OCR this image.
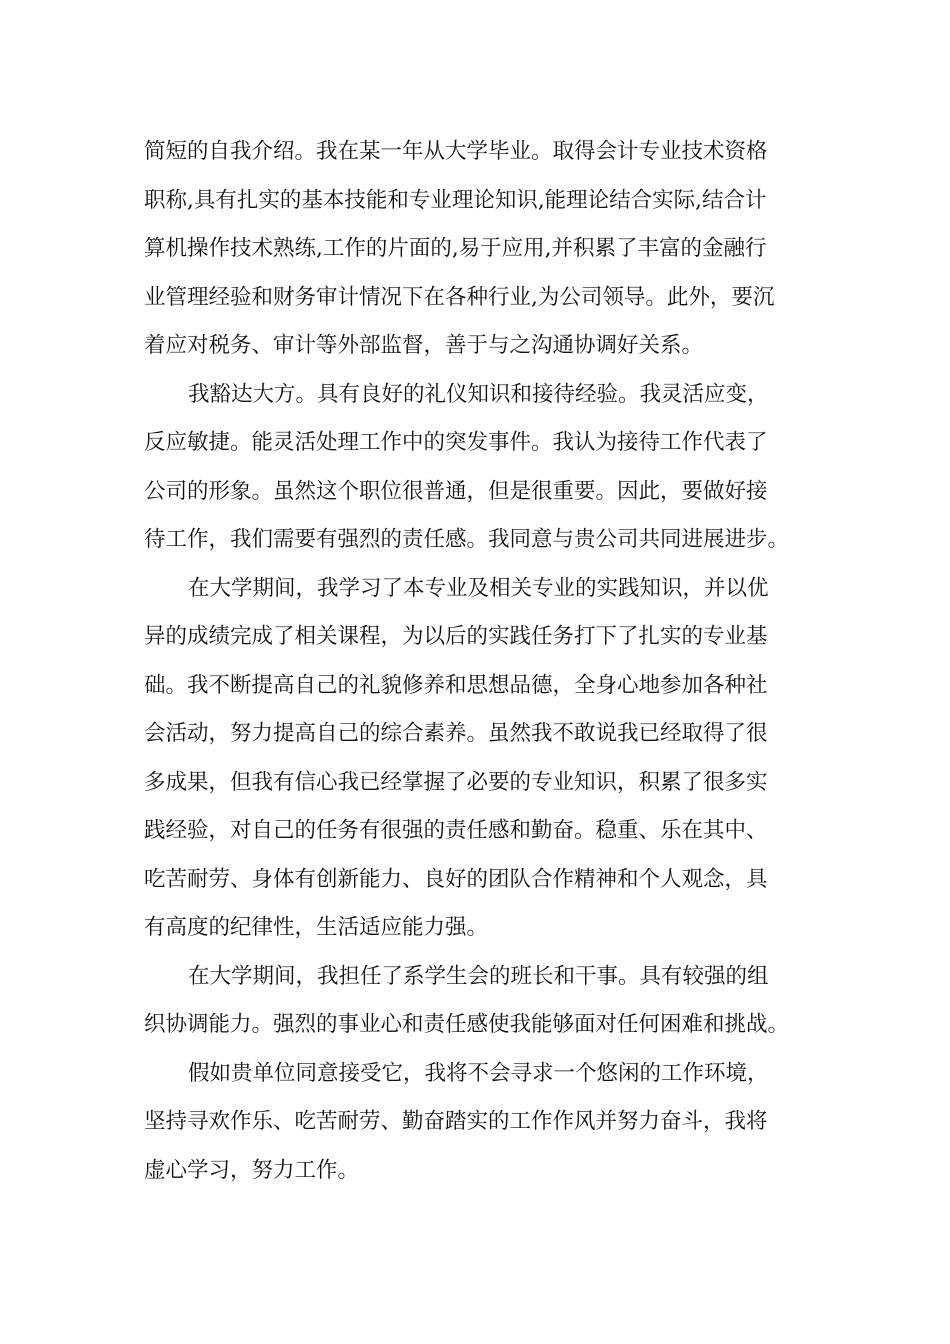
简短的自我介绍。我在某一年从大学毕业。取得会计专业技术资格
职称,具有扎实的基本技能和专业理论知识,能理论结合实际,结合计
算机操作技术熟练,工作的片面的,易于应用,并积累了丰富的金融行
业管理经验和财务审计情况下在各种行业,为公司领导。此外，要沉
着应对税务、审计等外部监督，善于与之沟通协调好关系。

我豁达大方。具有良好的礼仪知识和接待经验。我灵活应变，
反应敏捷。能灵活处理工作中的突发事件。我认为接待工作代表了
公司的形象。虽然这个职位很普通，但是很重要。因此，要做好接
待工作，我们需要有强烈的责任感。我同意与贵公司共同进展进步。

在大学期间，我学习了本专业及相关专业的实践知识，并以优
异的成绩完成了相关课程，为以后的实践任务打下了扎实的专业基
础。我不断提高自己的礼貌修养和思想品德，全身心地参加各种社
会活动，努力提高自己的综合素养。虽然我不敢说我已经取得了很
多成果，但我有信心我已经掌握了必要的专业知识，积累了很多实
践经验，对自己的任务有很强的责任感和勤奋。稳重、乐在其中、
吃苦耐劳、身体有创新能力、良好的团队合作精神和个人观念，具
有高度的纪律性，生活适应能力强。

在大学期间，我担任了系学生会的班长和干事。具有较强的组
织协调能力。强烈的事业心和责任感使我能够面对任何困难和挑战。

假如贵单位同意接受它，我将不会寻求一个悠闲的工作环境，
坚持寻欢作乐、吃苦耐劳、勤奋踏实的工作作风并努力奋斗，我将
虚心学习，努力工作。
